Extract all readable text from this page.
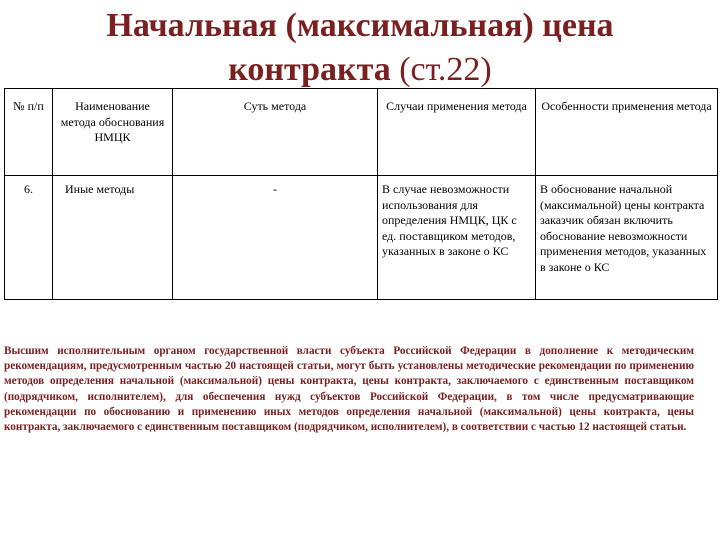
Начальная (максимальная) цена
контракта (ст.22)
№ п/п	Наименование метода обоснования НМЦК	Суть метода	Случаи применения метода	Особенности применения метода
6.	Иные методы	-	В случае невозможности использования для определения НМЦК, ЦК с ед. поставщиком методов, указанных в законе о КС	В обоснование начальной (максимальной) цены контракта заказчик обязан включить обоснование невозможности применения методов, указанных в законе о КС
Высшим исполнительным органом государственной власти субъекта Российской Федерации в дополнение к методическим рекомендациям, предусмотренным частью 20 настоящей статьи, могут быть установлены методические рекомендации по применению методов определения начальной (максимальной) цены контракта, цены контракта, заключаемого с единственным поставщиком (подрядчиком, исполнителем), для обеспечения нужд субъектов Российской Федерации, в том числе предусматривающие рекомендации по обоснованию и применению иных методов определения начальной (максимальной) цены контракта, цены контракта, заключаемого с единственным поставщиком (подрядчиком, исполнителем), в соответствии с частью 12 настоящей статьи.
